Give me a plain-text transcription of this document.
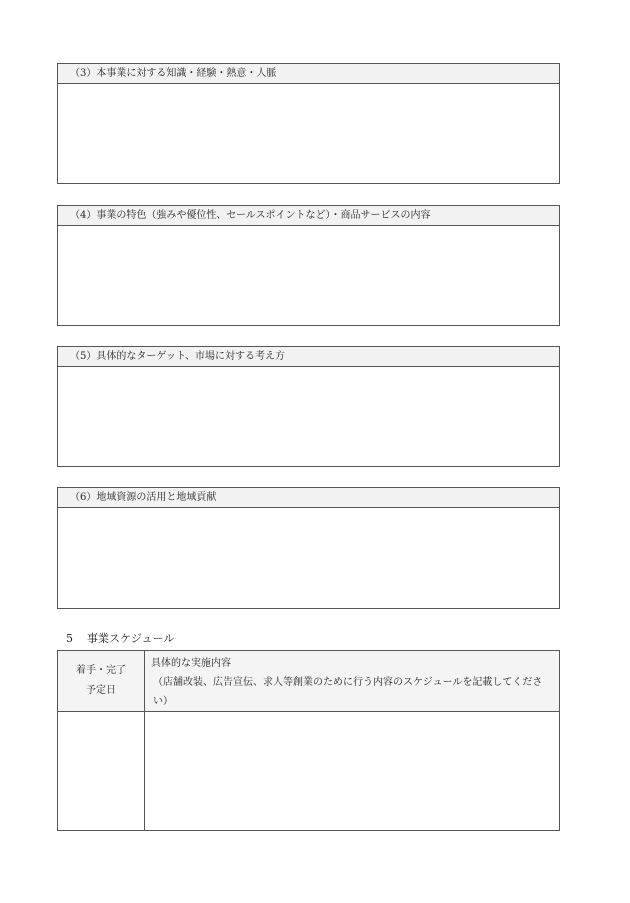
（3）本事業に対する知識・経験・熱意・人脈
（4）事業の特色（強みや優位性、セールスポイントなど）・商品サービスの内容
（5）具体的なターゲット、市場に対する考え方
（6）地域資源の活用と地域貢献
5 事業スケジュール
着手・完了
予定日	具体的な実施内容
（店舗改装、広告宣伝、求人等創業のために行う内容のスケジュールを記載してください）
